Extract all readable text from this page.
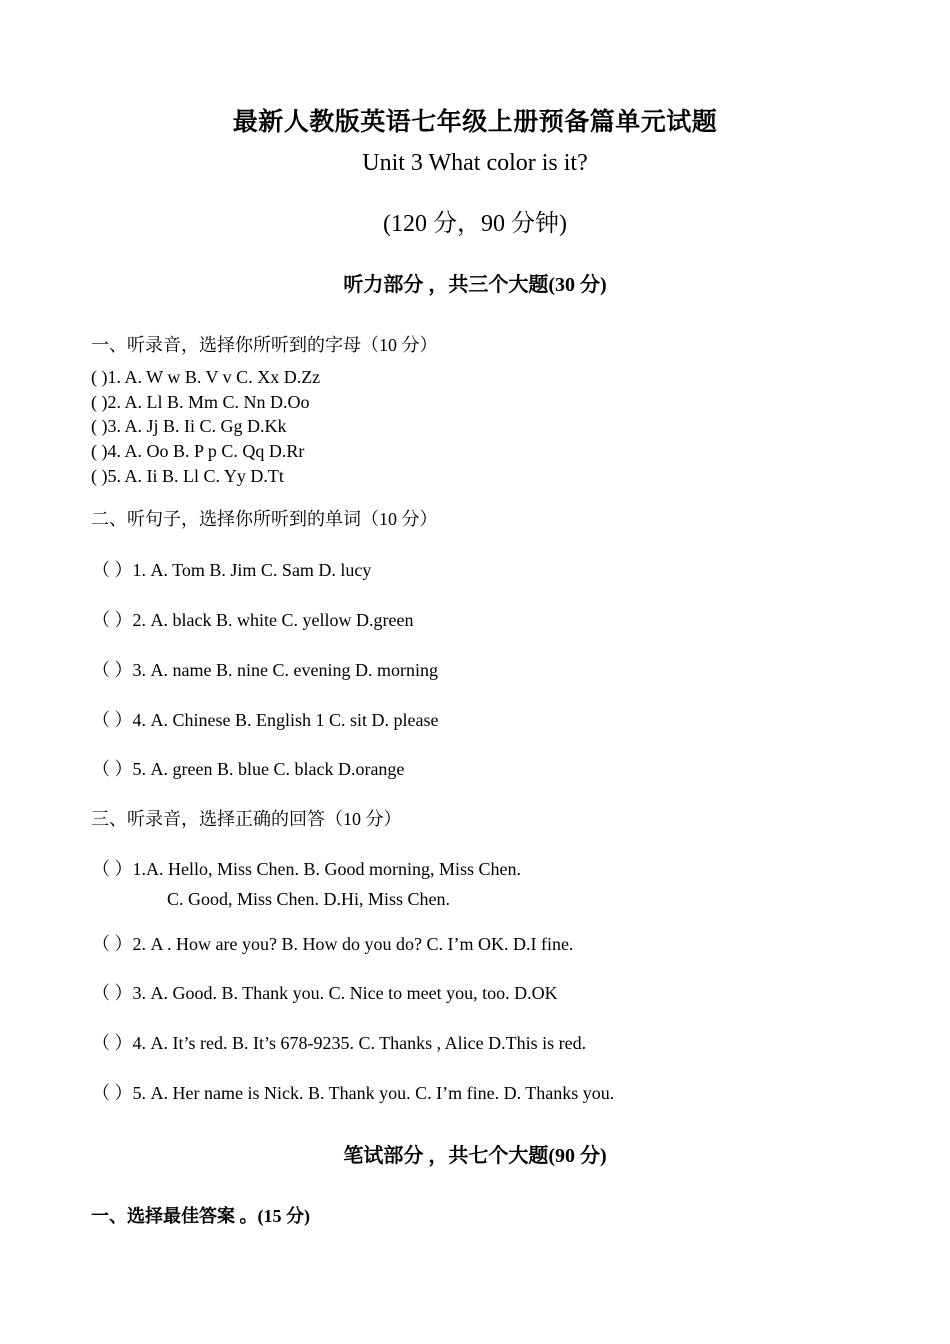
最新人教版英语七年级上册预备篇单元试题
Unit 3 What color is it?
(120 分，90 分钟)
听力部分 ，共三个大题(30 分)
一、听录音，选择你所听到的字母（10 分）
( )1. A. W w B. V v C. Xx D.Zz
( )2. A. Ll B. Mm C. Nn D.Oo
( )3. A. Jj B. Ii C. Gg D.Kk
( )4. A. Oo B. P p C. Qq D.Rr
( )5. A. Ii B. Ll C. Yy D.Tt
二、听句子，选择你所听到的单词（10 分）
（ ）1. A. Tom B. Jim C. Sam D. lucy
（ ）2. A. black B. white C. yellow D.green
（ ）3. A. name B. nine C. evening D. morning
（ ）4. A. Chinese B. English 1 C. sit D. please
（ ）5. A. green B. blue C. black D.orange
三、听录音，选择正确的回答（10 分）
（ ）1.A. Hello, Miss Chen. B. Good morning, Miss Chen.
C. Good, Miss Chen. D.Hi, Miss Chen.
（ ）2. A . How are you? B. How do you do? C. I’m OK. D.I fine.
（ ）3. A. Good. B. Thank you. C. Nice to meet you, too. D.OK
（ ）4. A. It’s red. B. It’s 678-9235. C. Thanks , Alice D.This is red.
（ ）5. A. Her name is Nick. B. Thank you. C. I’m fine. D. Thanks you.
笔试部分 ，共七个大题(90 分)
一、选择最佳答案 。(15 分)
